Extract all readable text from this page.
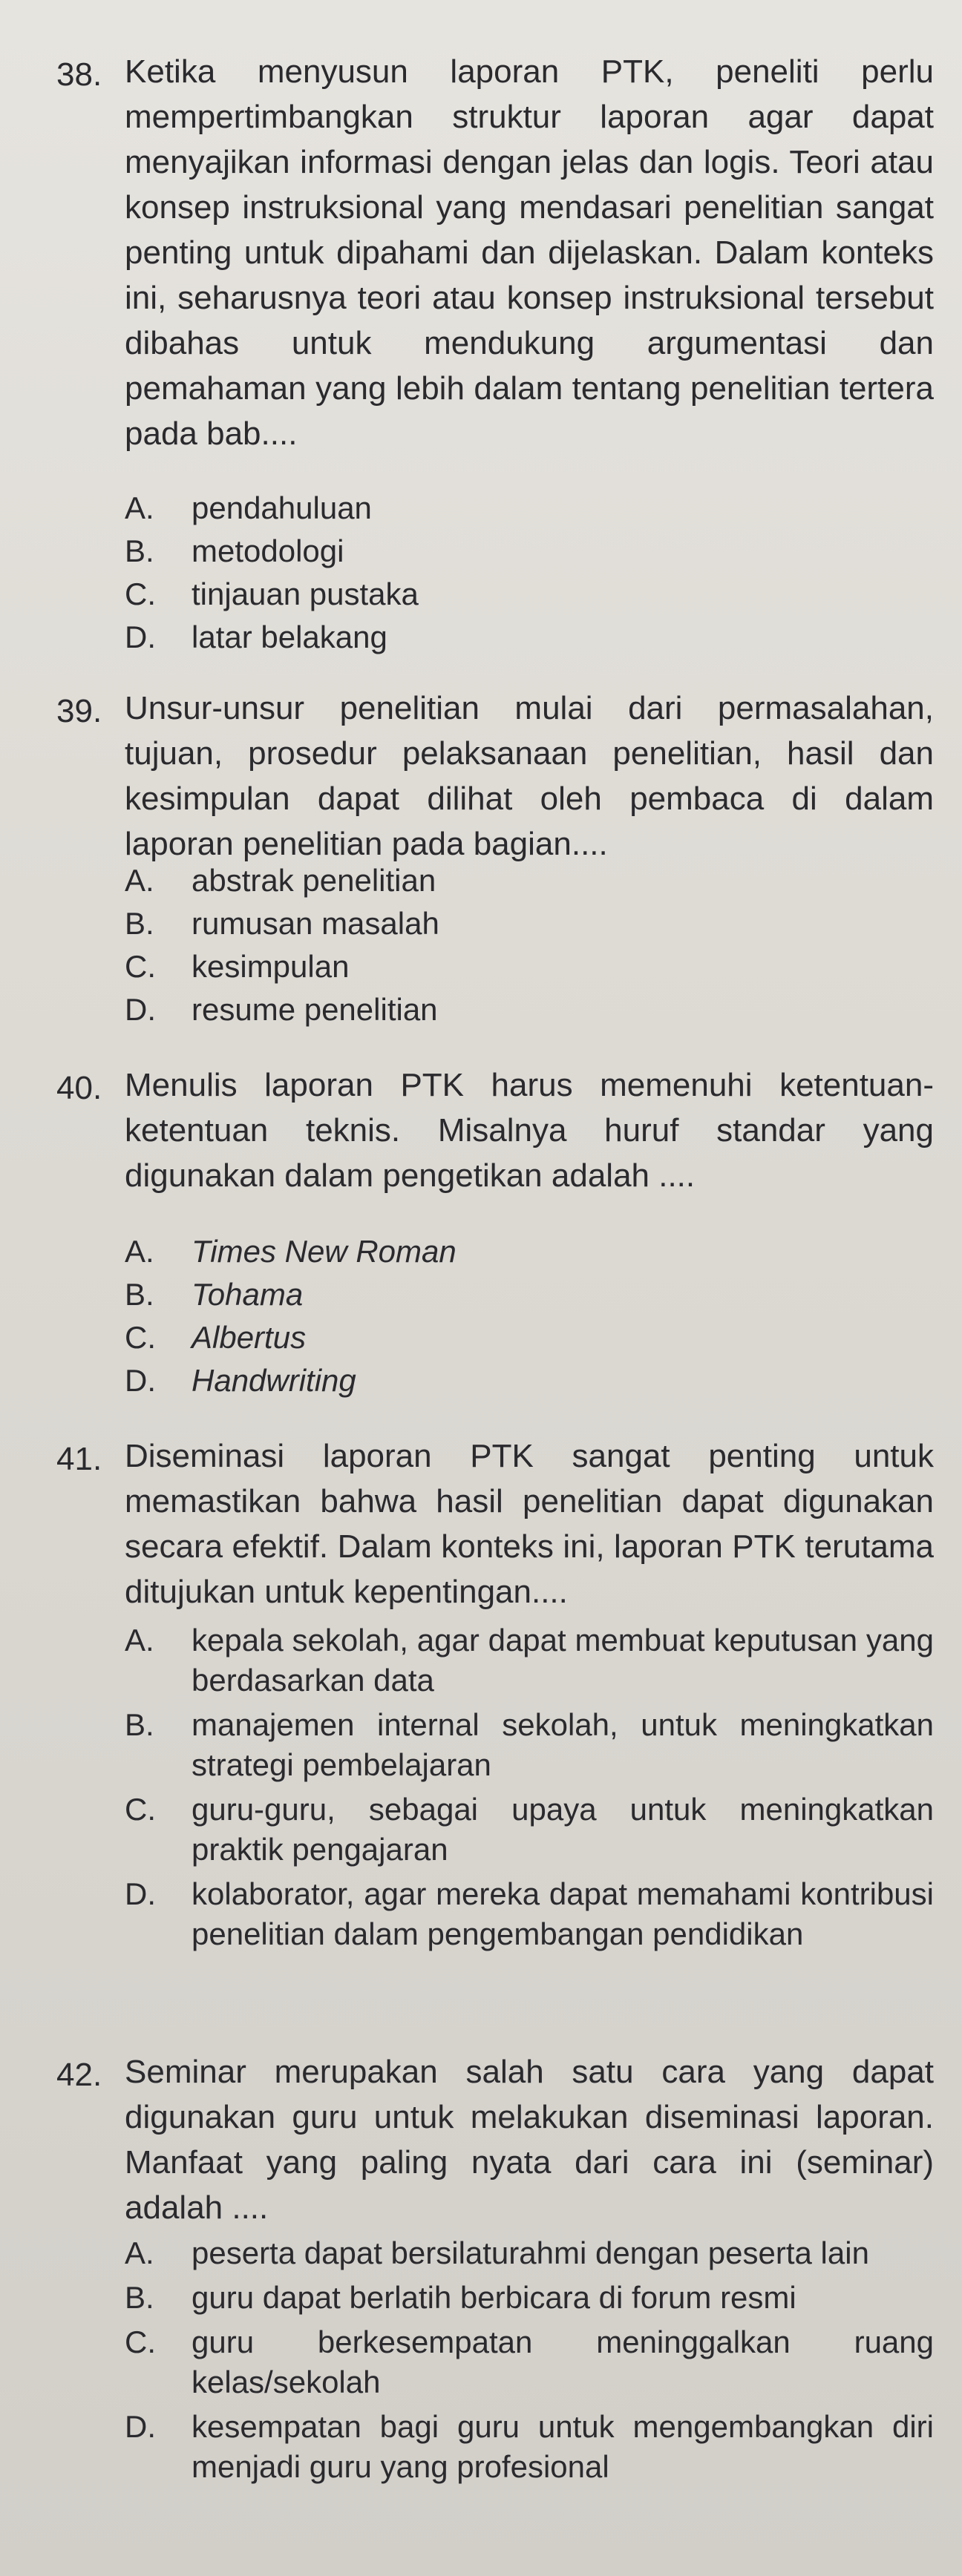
38. Ketika menyusun laporan PTK, peneliti perlu mempertimbangkan struktur laporan agar dapat menyajikan informasi dengan jelas dan logis. Teori atau konsep instruksional yang mendasari penelitian sangat penting untuk dipahami dan dijelaskan. Dalam konteks ini, seharusnya teori atau konsep instruksional tersebut dibahas untuk mendukung argumentasi dan pemahaman yang lebih dalam tentang penelitian tertera pada bab....
A.	pendahuluan
B.	metodologi
C.	tinjauan pustaka
D.	latar belakang
39. Unsur-unsur penelitian mulai dari permasalahan, tujuan, prosedur pelaksanaan penelitian, hasil dan kesimpulan dapat dilihat oleh pembaca di dalam laporan penelitian pada bagian....
A.	abstrak penelitian
B.	rumusan masalah
C.	kesimpulan
D.	resume penelitian
40. Menulis laporan PTK harus memenuhi ketentuan-ketentuan teknis. Misalnya huruf standar yang digunakan dalam pengetikan adalah ....
A.	Times New Roman
B.	Tohama
C.	Albertus
D.	Handwriting
41. Diseminasi laporan PTK sangat penting untuk memastikan bahwa hasil penelitian dapat digunakan secara efektif. Dalam konteks ini, laporan PTK terutama ditujukan untuk kepentingan....
A.	kepala sekolah, agar dapat membuat keputusan yang berdasarkan data
B.	manajemen internal sekolah, untuk meningkatkan strategi pembelajaran
C.	guru-guru, sebagai upaya untuk meningkatkan praktik pengajaran
D.	kolaborator, agar mereka dapat memahami kontribusi penelitian dalam pengembangan pendidikan
42. Seminar merupakan salah satu cara yang dapat digunakan guru untuk melakukan diseminasi laporan. Manfaat yang paling nyata dari cara ini (seminar) adalah ....
A.	peserta dapat bersilaturahmi dengan peserta lain
B.	guru dapat berlatih berbicara di forum resmi
C.	guru berkesempatan meninggalkan ruang kelas/sekolah
D.	kesempatan bagi guru untuk mengembangkan diri menjadi guru yang profesional
